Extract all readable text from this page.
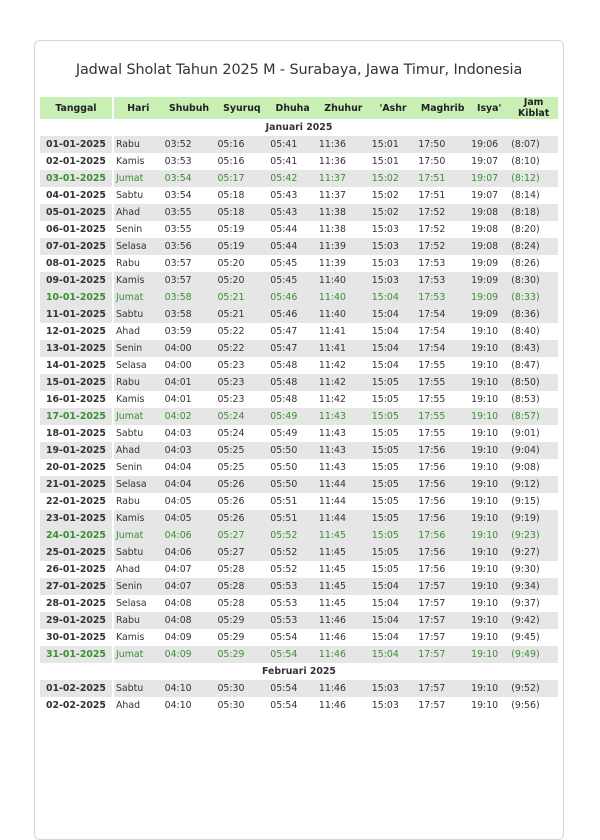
Jadwal Sholat Tahun 2025 M - Surabaya, Jawa Timur, Indonesia
Tanggal		Hari	Shubuh	Syuruq	Dhuha	Zhuhur	'Ashr	Maghrib	Isya'	Jam Kiblat
Januari 2025										
01-01-2025		Rabu	03:52	05:16	05:41	11:36	15:01	17:50	19:06	(8:07)
02-01-2025		Kamis	03:53	05:16	05:41	11:36	15:01	17:50	19:07	(8:10)
03-01-2025		Jumat	03:54	05:17	05:42	11:37	15:02	17:51	19:07	(8:12)
04-01-2025		Sabtu	03:54	05:18	05:43	11:37	15:02	17:51	19:07	(8:14)
05-01-2025		Ahad	03:55	05:18	05:43	11:38	15:02	17:52	19:08	(8:18)
06-01-2025		Senin	03:55	05:19	05:44	11:38	15:03	17:52	19:08	(8:20)
07-01-2025		Selasa	03:56	05:19	05:44	11:39	15:03	17:52	19:08	(8:24)
08-01-2025		Rabu	03:57	05:20	05:45	11:39	15:03	17:53	19:09	(8:26)
09-01-2025		Kamis	03:57	05:20	05:45	11:40	15:03	17:53	19:09	(8:30)
10-01-2025		Jumat	03:58	05:21	05:46	11:40	15:04	17:53	19:09	(8:33)
11-01-2025		Sabtu	03:58	05:21	05:46	11:40	15:04	17:54	19:09	(8:36)
12-01-2025		Ahad	03:59	05:22	05:47	11:41	15:04	17:54	19:10	(8:40)
13-01-2025		Senin	04:00	05:22	05:47	11:41	15:04	17:54	19:10	(8:43)
14-01-2025		Selasa	04:00	05:23	05:48	11:42	15:04	17:55	19:10	(8:47)
15-01-2025		Rabu	04:01	05:23	05:48	11:42	15:05	17:55	19:10	(8:50)
16-01-2025		Kamis	04:01	05:23	05:48	11:42	15:05	17:55	19:10	(8:53)
17-01-2025		Jumat	04:02	05:24	05:49	11:43	15:05	17:55	19:10	(8:57)
18-01-2025		Sabtu	04:03	05:24	05:49	11:43	15:05	17:55	19:10	(9:01)
19-01-2025		Ahad	04:03	05:25	05:50	11:43	15:05	17:56	19:10	(9:04)
20-01-2025		Senin	04:04	05:25	05:50	11:43	15:05	17:56	19:10	(9:08)
21-01-2025		Selasa	04:04	05:26	05:50	11:44	15:05	17:56	19:10	(9:12)
22-01-2025		Rabu	04:05	05:26	05:51	11:44	15:05	17:56	19:10	(9:15)
23-01-2025		Kamis	04:05	05:26	05:51	11:44	15:05	17:56	19:10	(9:19)
24-01-2025		Jumat	04:06	05:27	05:52	11:45	15:05	17:56	19:10	(9:23)
25-01-2025		Sabtu	04:06	05:27	05:52	11:45	15:05	17:56	19:10	(9:27)
26-01-2025		Ahad	04:07	05:28	05:52	11:45	15:05	17:56	19:10	(9:30)
27-01-2025		Senin	04:07	05:28	05:53	11:45	15:04	17:57	19:10	(9:34)
28-01-2025		Selasa	04:08	05:28	05:53	11:45	15:04	17:57	19:10	(9:37)
29-01-2025		Rabu	04:08	05:29	05:53	11:46	15:04	17:57	19:10	(9:42)
30-01-2025		Kamis	04:09	05:29	05:54	11:46	15:04	17:57	19:10	(9:45)
31-01-2025		Jumat	04:09	05:29	05:54	11:46	15:04	17:57	19:10	(9:49)
Februari 2025										
01-02-2025		Sabtu	04:10	05:30	05:54	11:46	15:03	17:57	19:10	(9:52)
02-02-2025		Ahad	04:10	05:30	05:54	11:46	15:03	17:57	19:10	(9:56)
